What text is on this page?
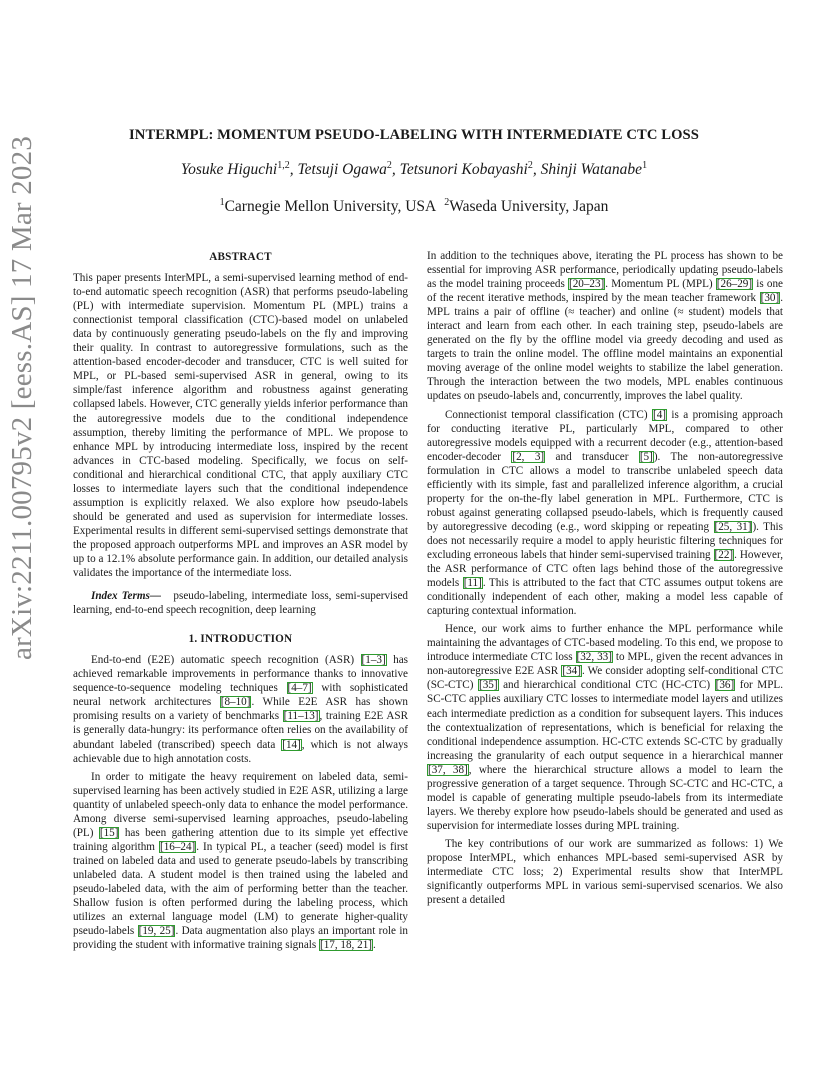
arXiv:2211.00795v2 [eess.AS] 17 Mar 2023
INTERMPL: MOMENTUM PSEUDO-LABELING WITH INTERMEDIATE CTC LOSS
Yosuke Higuchi$^{1,2}$, Tetsuji Ogawa$^2$, Tetsunori Kobayashi$^2$, Shinji Watanabe$^1$
$^1$Carnegie Mellon University, USA $^2$Waseda University, Japan
ABSTRACT

This paper presents InterMPL, a semi-supervised learning method of end-to-end automatic speech recognition (ASR) that performs pseudo-labeling (PL) with intermediate supervision. Momentum PL (MPL) trains a connectionist temporal classification (CTC)-based model on unlabeled data by continuously generating pseudo-labels on the fly and improving their quality. In contrast to autoregressive formulations, such as the attention-based encoder-decoder and transducer, CTC is well suited for MPL, or PL-based semi-supervised ASR in general, owing to its simple/fast inference algorithm and robustness against generating collapsed labels. However, CTC generally yields inferior performance than the autoregressive models due to the conditional independence assumption, thereby limiting the performance of MPL. We propose to enhance MPL by introducing intermediate loss, inspired by the recent advances in CTC-based modeling. Specifically, we focus on self-conditional and hierarchical conditional CTC, that apply auxiliary CTC losses to intermediate layers such that the conditional independence assumption is explicitly relaxed. We also explore how pseudo-labels should be generated and used as supervision for intermediate losses. Experimental results in different semi-supervised settings demonstrate that the proposed approach outperforms MPL and improves an ASR model by up to a 12.1% absolute performance gain. In addition, our detailed analysis validates the importance of the intermediate loss.

Index Terms— pseudo-labeling, intermediate loss, semi-supervised learning, end-to-end speech recognition, deep learning

1. INTRODUCTION

End-to-end (E2E) automatic speech recognition (ASR) [1–3] has achieved remarkable improvements in performance thanks to innovative sequence-to-sequence modeling techniques [4–7] with sophisticated neural network architectures [8–10]. While E2E ASR has shown promising results on a variety of benchmarks [11–13], training E2E ASR is generally data-hungry: its performance often relies on the availability of abundant labeled (transcribed) speech data [14], which is not always achievable due to high annotation costs.

In order to mitigate the heavy requirement on labeled data, semi-supervised learning has been actively studied in E2E ASR, utilizing a large quantity of unlabeled speech-only data to enhance the model performance. Among diverse semi-supervised learning approaches, pseudo-labeling (PL) [15] has been gathering attention due to its simple yet effective training algorithm [16–24]. In typical PL, a teacher (seed) model is first trained on labeled data and used to generate pseudo-labels by transcribing unlabeled data. A student model is then trained using the labeled and pseudo-labeled data, with the aim of performing better than the teacher. Shallow fusion is often performed during the labeling process, which utilizes an external language model (LM) to generate higher-quality pseudo-labels [19, 25]. Data augmentation also plays an important role in providing the student with informative training signals [17, 18, 21].

In addition to the techniques above, iterating the PL process has shown to be essential for improving ASR performance, periodically updating pseudo-labels as the model training proceeds [20–23]. Momentum PL (MPL) [26–29] is one of the recent iterative methods, inspired by the mean teacher framework [30]. MPL trains a pair of offline (≈ teacher) and online (≈ student) models that interact and learn from each other. In each training step, pseudo-labels are generated on the fly by the offline model via greedy decoding and used as targets to train the online model. The offline model maintains an exponential moving average of the online model weights to stabilize the label generation. Through the interaction between the two models, MPL enables continuous updates on pseudo-labels and, concurrently, improves the label quality.

Connectionist temporal classification (CTC) [4] is a promising approach for conducting iterative PL, particularly MPL, compared to other autoregressive models equipped with a recurrent decoder (e.g., attention-based encoder-decoder [2, 3] and transducer [5]). The non-autoregressive formulation in CTC allows a model to transcribe unlabeled speech data efficiently with its simple, fast and parallelized inference algorithm, a crucial property for the on-the-fly label generation in MPL. Furthermore, CTC is robust against generating collapsed pseudo-labels, which is frequently caused by autoregressive decoding (e.g., word skipping or repeating [25, 31]). This does not necessarily require a model to apply heuristic filtering techniques for excluding erroneous labels that hinder semi-supervised training [22]. However, the ASR performance of CTC often lags behind those of the autoregressive models [11]. This is attributed to the fact that CTC assumes output tokens are conditionally independent of each other, making a model less capable of capturing contextual information.

Hence, our work aims to further enhance the MPL performance while maintaining the advantages of CTC-based modeling. To this end, we propose to introduce intermediate CTC loss [32, 33] to MPL, given the recent advances in non-autoregressive E2E ASR [34]. We consider adopting self-conditional CTC (SC-CTC) [35] and hierarchical conditional CTC (HC-CTC) [36] for MPL. SC-CTC applies auxiliary CTC losses to intermediate model layers and utilizes each intermediate prediction as a condition for subsequent layers. This induces the contextualization of representations, which is beneficial for relaxing the conditional independence assumption. HC-CTC extends SC-CTC by gradually increasing the granularity of each output sequence in a hierarchical manner [37, 38], where the hierarchical structure allows a model to learn the progressive generation of a target sequence. Through SC-CTC and HC-CTC, a model is capable of generating multiple pseudo-labels from its intermediate layers. We thereby explore how pseudo-labels should be generated and used as supervision for intermediate losses during MPL training.

The key contributions of our work are summarized as follows: 1) We propose InterMPL, which enhances MPL-based semi-supervised ASR by intermediate CTC loss; 2) Experimental results show that InterMPL significantly outperforms MPL in various semi-supervised scenarios. We also present a detailed
